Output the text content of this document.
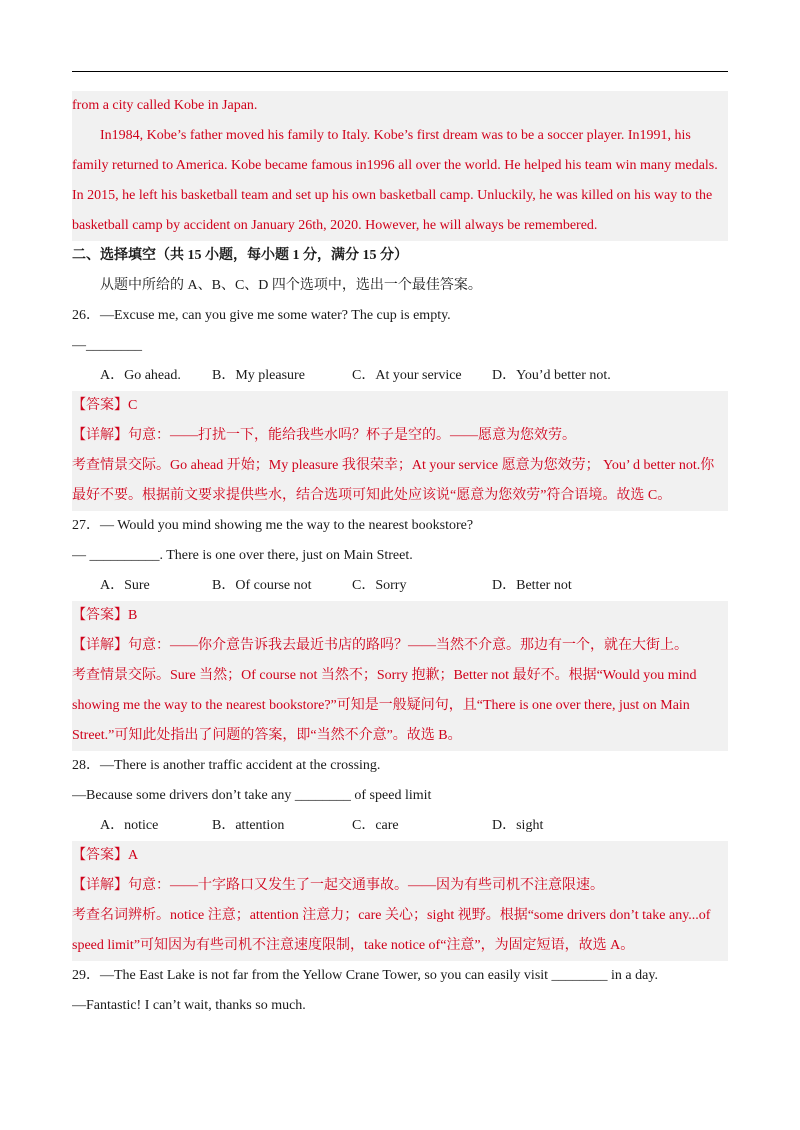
from a city called Kobe in Japan.
In1984, Kobe’s father moved his family to Italy. Kobe’s first dream was to be a soccer player. In1991, his
family returned to America. Kobe became famous in1996 all over the world. He helped his team win many medals.
In 2015, he left his basketball team and set up his own basketball camp. Unluckily, he was killed on his way to the
basketball camp by accident on January 26th, 2020. However, he will always be remembered.
二、选择填空（共 15 小题，每小题 1 分，满分 15 分）
从题中所给的 A、B、C、D 四个选项中，选出一个最佳答案。
26．—Excuse me, can you give me some water? The cup is empty.
—________
A．Go ahead.	B．My pleasure	C．At your service	D．You’d better not.
【答案】C
【详解】句意：——打扰一下，能给我些水吗？杯子是空的。——愿意为您效劳。
考查情景交际。Go ahead 开始；My pleasure 我很荣幸；At your service 愿意为您效劳； You’ d better not.你
最好不要。根据前文要求提供些水，结合选项可知此处应该说“愿意为您效劳”符合语境。故选 C。
27．— Would you mind showing me the way to the nearest bookstore?
— __________. There is one over there, just on Main Street.
A．Sure	B．Of course not	C．Sorry	D．Better not
【答案】B
【详解】句意：——你介意告诉我去最近书店的路吗？——当然不介意。那边有一个，就在大街上。
考查情景交际。Sure 当然；Of course not 当然不；Sorry 抱歉；Better not 最好不。根据“Would you mind
showing me the way to the nearest bookstore?”可知是一般疑问句，且“There is one over there, just on Main
Street.”可知此处指出了问题的答案，即“当然不介意”。故选 B。
28．—There is another traffic accident at the crossing.
—Because some drivers don’t take any ________ of speed limit
A．notice	B．attention	C．care	D．sight
【答案】A
【详解】句意：——十字路口又发生了一起交通事故。——因为有些司机不注意限速。
考查名词辨析。notice 注意；attention 注意力；care 关心；sight 视野。根据“some drivers don’t take any...of
speed limit”可知因为有些司机不注意速度限制，take notice of“注意”，为固定短语，故选 A。
29．—The East Lake is not far from the Yellow Crane Tower, so you can easily visit ________ in a day.
—Fantastic! I can’t wait, thanks so much.
